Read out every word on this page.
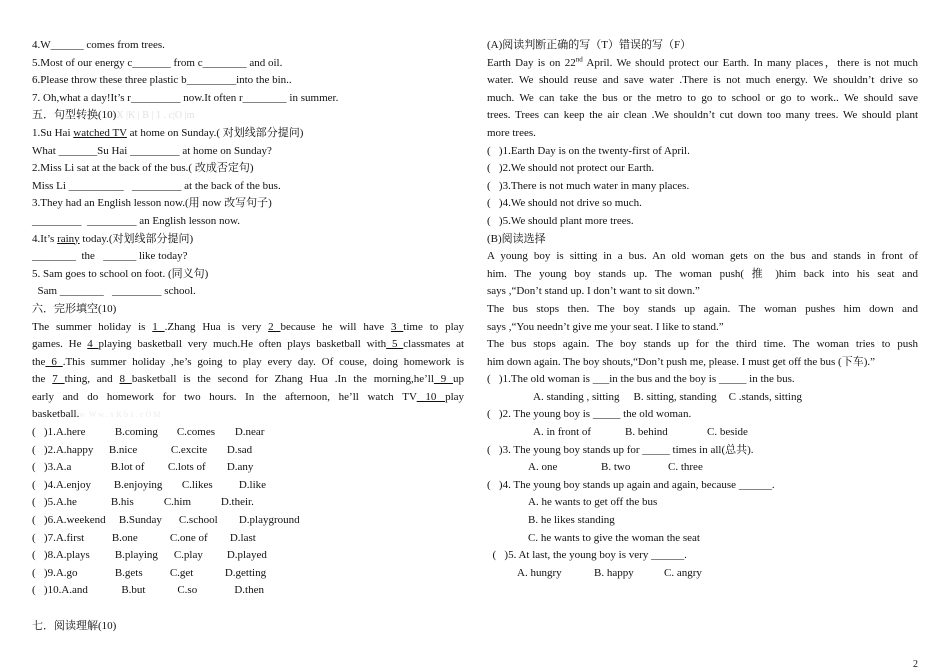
4.W______ comes from trees.
5.Most of our energy c_______ from c________ and oil.
6.Please throw these three plastic b_________into the bin..
7. Oh,what a day!It’s r_________ now.It often r________ in summer.
五．句型转换(10)X |K | B | 1 . c|O |m
1.Su Hai watched TV at home on Sunday.( 对划线部分提问)
What _______Su Hai _________ at home on Sunday?
2.Miss Li sat at the back of the bus.( 改成否定句)
Miss Li __________   _________ at the back of the bus.
3.They had an English lesson now.(用 now 改写句子)
_________  _________ an English lesson now.
4.It’s rainy today.(对划线部分提问)
________  the   ______ like today?
5. Sam goes to school on foot. (同义句)
Sam ________   _________ school.
六．完形填空(10)
The summer holiday is 1 .Zhang Hua is very 2 because he will have 3 time to play
games. He 4 playing basketball very much.He often plays basketball with 5 classmates at
the 6 .This summer holiday ,he’s going to play every day. Of couse, doing homework is
the 7 thing, and 8 basketball is the second for Zhang Hua .In the morning,he’ll 9 up
early and do homework for two hours. In the afternoon, he’ll watch TV 10 play
basketball.w  W w . x K b 1 . c O M
(   )1.A.here	B.coming C.comes D.near
(   )2.A.happy B.nice	C.excite D.sad
(   )3.A.a	B.lot of C.lots of D.any
(   )4.A.enjoy B.enjoying C.likes D.like
(   )5.A.he	B.his	C.him	D.their.
(   )6.A.weekend B.Sunday C.school D.playground
(   )7.A.first	B.one	C.one of D.last
(   )8.A.plays B.playing C.play D.played
(   )9.A.go	B.gets C.get	D.getting
(   )10.A.and	B.but	C.so	D.then
七．阅读理解(10)
(A)阅读判断正确的写（T）错误的写（F）
Earth Day is on 22nd April. We should protect our Earth. In many places，there is not much
water. We should reuse and save water .There is not much energy. We shouldn’t drive so
much. We can take the bus or the metro to go to school or go to work.. We should save
trees. Trees can keep the air clean .We shouldn’t cut down too many trees. We should plant
more trees.
(   )1.Earth Day is on the twenty-first of April.
(   )2.We should not protect our Earth.
(   )3.There is not much water in many places.
(   )4.We should not drive so much.
(   )5.We should plant more trees.
(B)阅读选择
A young boy is sitting in a bus. An old woman gets on the bus and stands in front of
him. The young boy stands up. The woman push( 推 )him back into his seat and
says ,“Don’t stand up. I don’t want to sit down.”
The bus stops then. The boy stands up again. The woman pushes him down and
says ,“You needn’t give me your seat. I like to stand.”
The bus stops again. The boy stands up for the third time. The woman tries to push
him down again. The boy shouts,“Don’t push me, please. I must get off the bus (下车).”
(   )1.The old woman is ___in the bus and the boy is _____ in the bus.
A. standing , sitting B. sitting, standing C .stands, sitting
(   )2. The young boy is _____ the old woman.
A. in front of	B. behind	C. beside
(   )3. The young boy stands up for _____ times in all(总共).
A. one	B. two	C. three
(   )4. The young boy stands up again and again, because ______.
A. he wants to get off the bus
B. he likes standing
C. he wants to give the woman the seat
(   )5. At last, the young boy is very ______.
A. hungry	B. happy	C. angry
2
